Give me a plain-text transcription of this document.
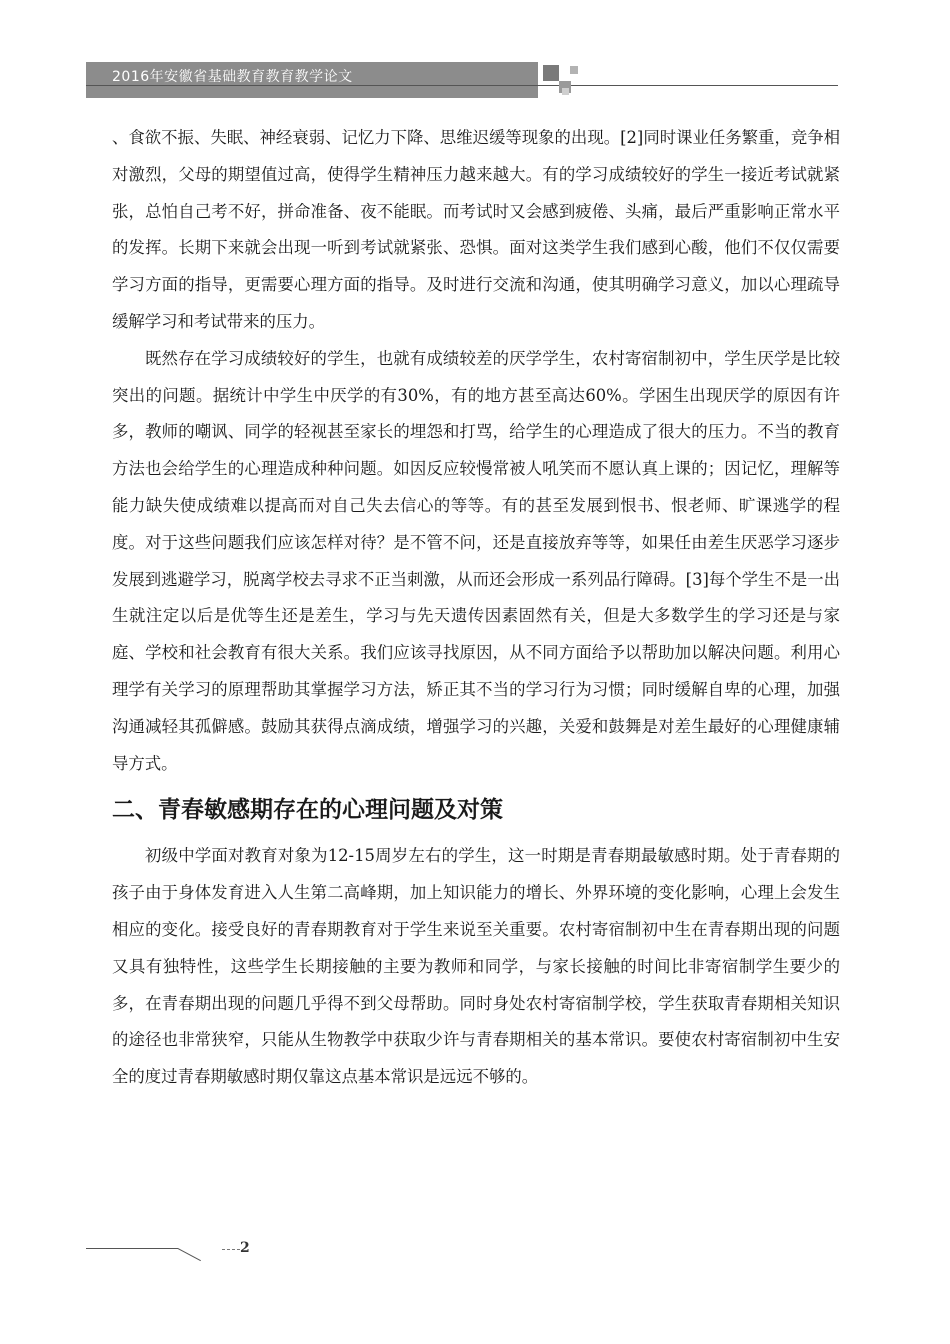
2016年安徽省基础教育教育教学论文

、食欲不振、失眠、神经衰弱、记忆力下降、思维迟缓等现象的出现。[2]同时课业任务繁重，竞争相对激烈，父母的期望值过高，使得学生精神压力越来越大。有的学习成绩较好的学生一接近考试就紧张，总怕自己考不好，拼命准备、夜不能眠。而考试时又会感到疲倦、头痛，最后严重影响正常水平的发挥。长期下来就会出现一听到考试就紧张、恐惧。面对这类学生我们感到心酸，他们不仅仅需要学习方面的指导，更需要心理方面的指导。及时进行交流和沟通，使其明确学习意义，加以心理疏导缓解学习和考试带来的压力。

既然存在学习成绩较好的学生，也就有成绩较差的厌学学生，农村寄宿制初中，学生厌学是比较突出的问题。据统计中学生中厌学的有30%，有的地方甚至高达60%。学困生出现厌学的原因有许多，教师的嘲讽、同学的轻视甚至家长的埋怨和打骂，给学生的心理造成了很大的压力。不当的教育方法也会给学生的心理造成种种问题。如因反应较慢常被人吼笑而不愿认真上课的；因记忆，理解等能力缺失使成绩难以提高而对自己失去信心的等等。有的甚至发展到恨书、恨老师、旷课逃学的程度。对于这些问题我们应该怎样对待？是不管不问，还是直接放弃等等，如果任由差生厌恶学习逐步发展到逃避学习，脱离学校去寻求不正当刺激，从而还会形成一系列品行障碍。[3]每个学生不是一出生就注定以后是优等生还是差生，学习与先天遗传因素固然有关，但是大多数学生的学习还是与家庭、学校和社会教育有很大关系。我们应该寻找原因，从不同方面给予以帮助加以解决问题。利用心理学有关学习的原理帮助其掌握学习方法，矫正其不当的学习行为习惯；同时缓解自卑的心理，加强沟通减轻其孤僻感。鼓励其获得点滴成绩，增强学习的兴趣，关爱和鼓舞是对差生最好的心理健康辅导方式。

二、青春敏感期存在的心理问题及对策

初级中学面对教育对象为12-15周岁左右的学生，这一时期是青春期最敏感时期。处于青春期的孩子由于身体发育进入人生第二高峰期，加上知识能力的增长、外界环境的变化影响，心理上会发生相应的变化。接受良好的青春期教育对于学生来说至关重要。农村寄宿制初中生在青春期出现的问题又具有独特性，这些学生长期接触的主要为教师和同学，与家长接触的时间比非寄宿制学生要少的多，在青春期出现的问题几乎得不到父母帮助。同时身处农村寄宿制学校，学生获取青春期相关知识的途径也非常狭窄，只能从生物教学中获取少许与青春期相关的基本常识。要使农村寄宿制初中生安全的度过青春期敏感时期仅靠这点基本常识是远远不够的。

2
